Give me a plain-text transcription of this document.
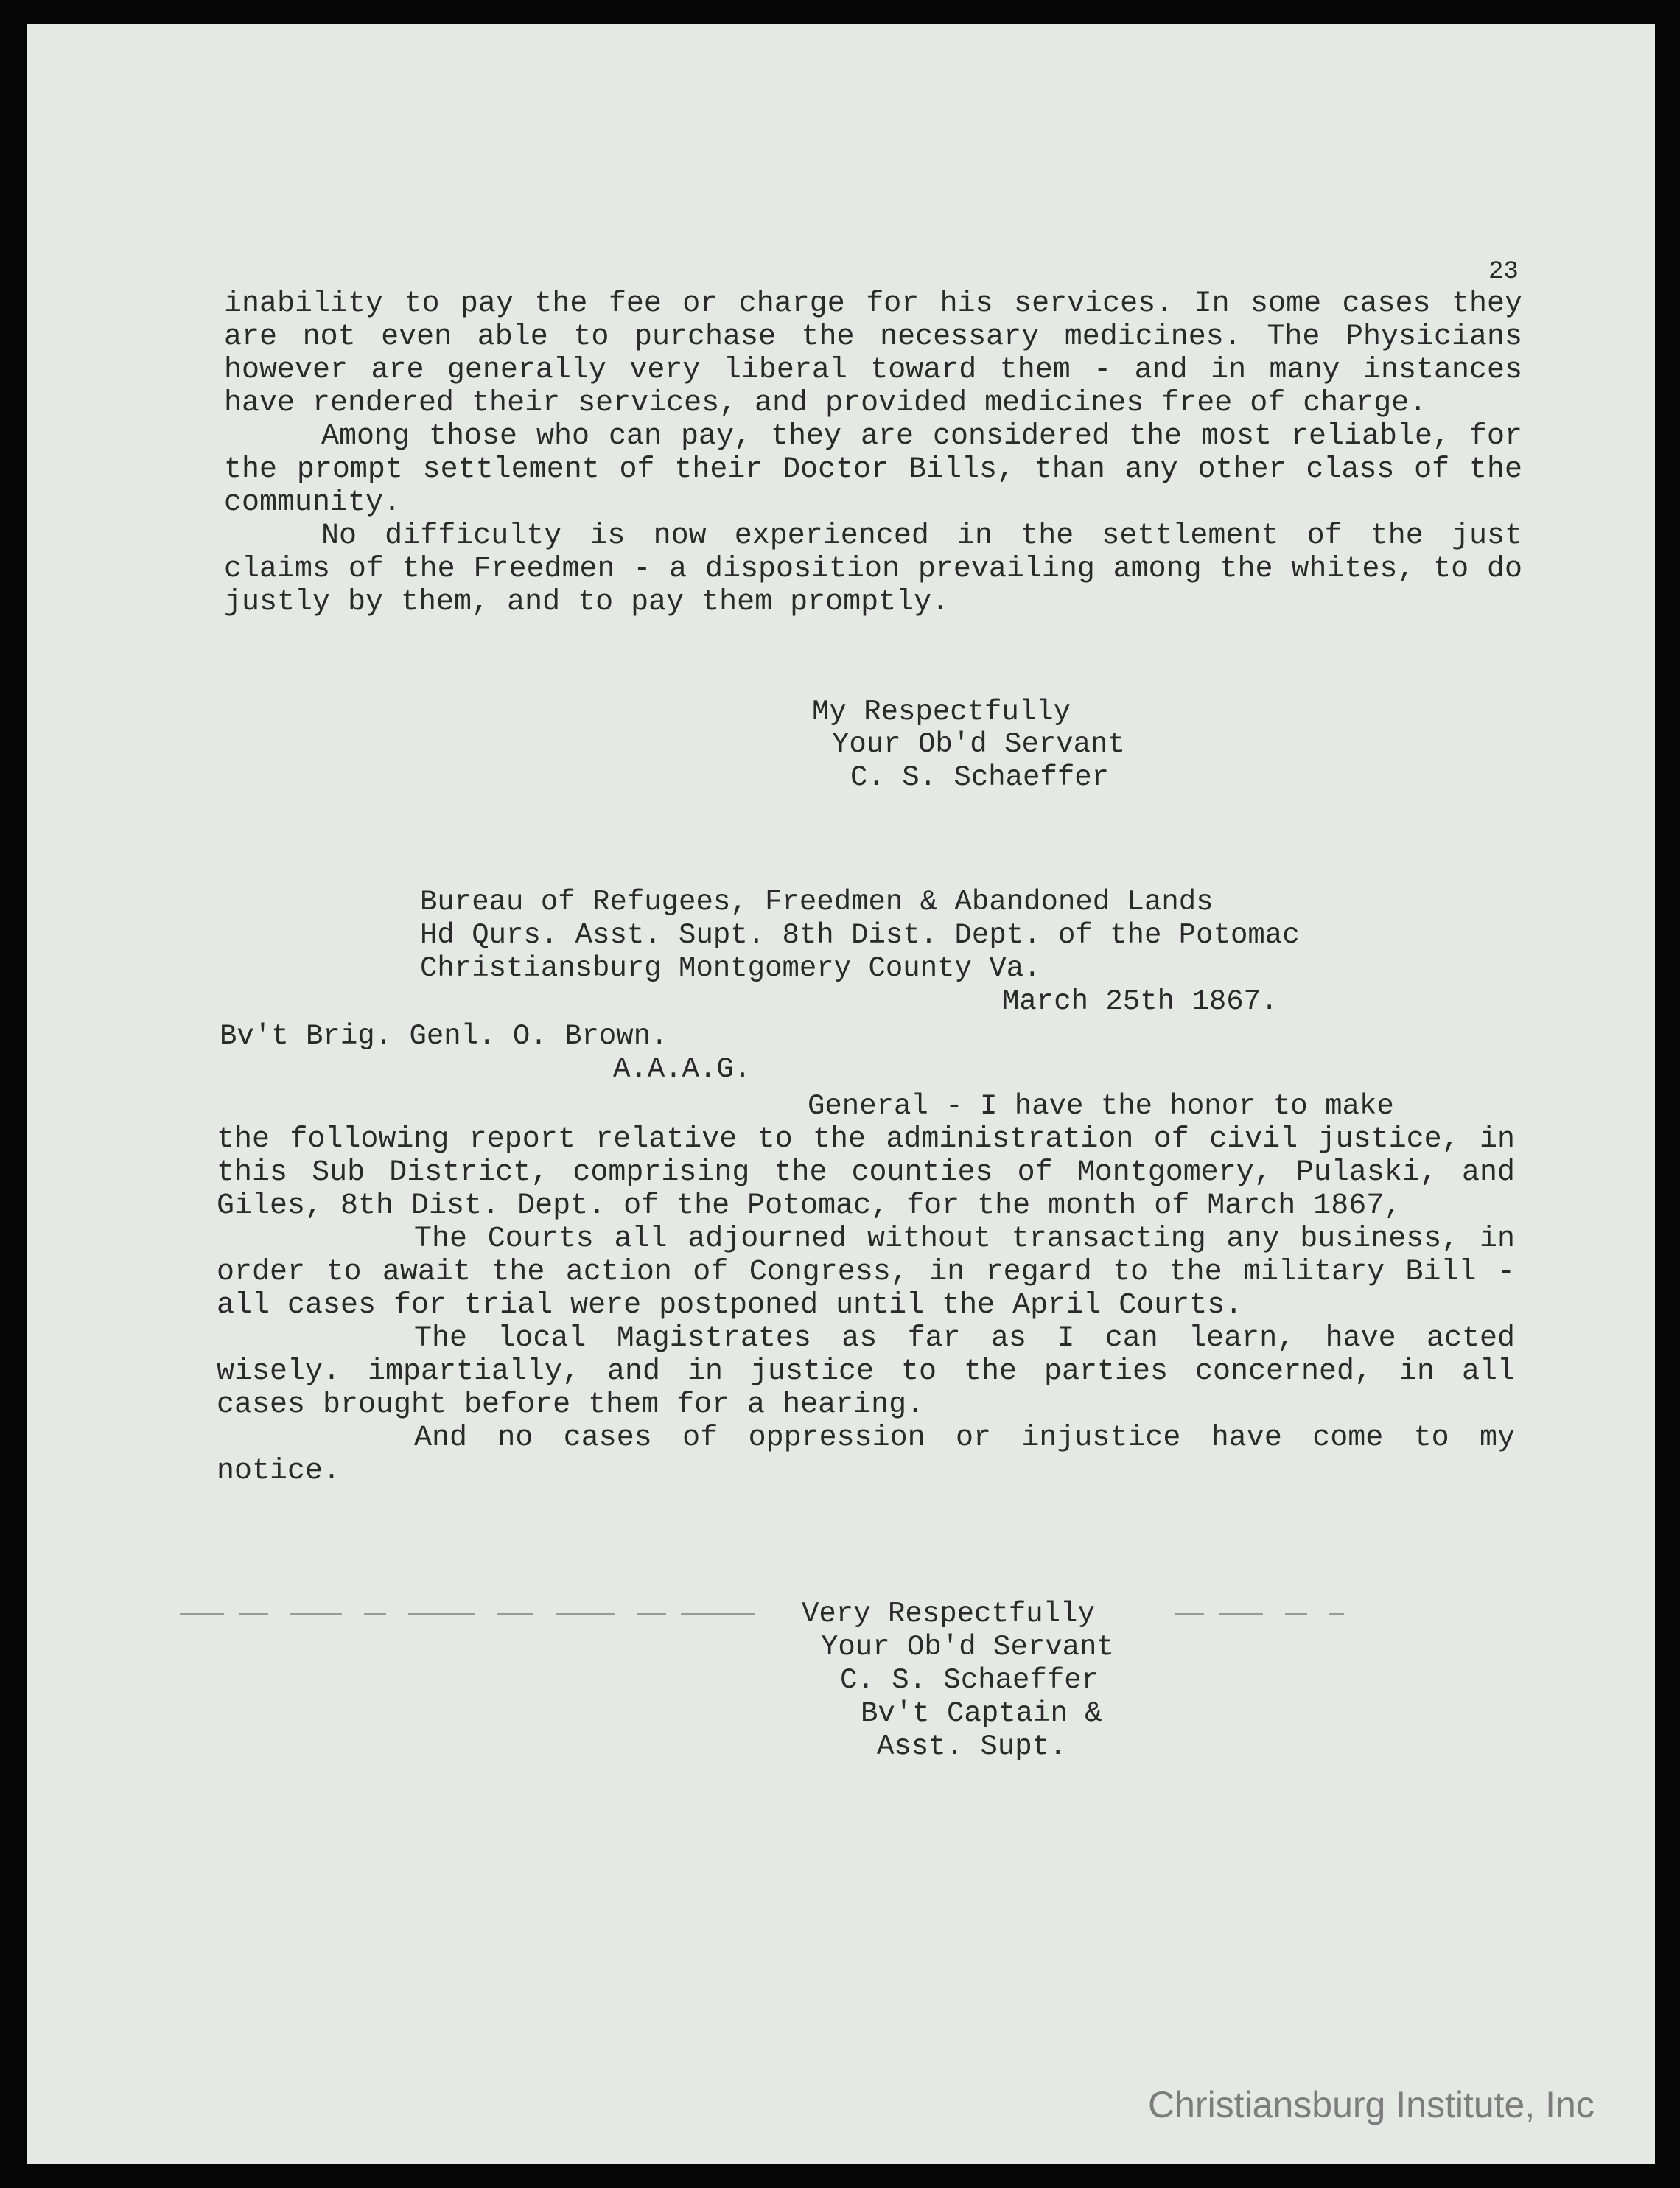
23

inability to pay the fee or charge for his services. In some cases they are not even able to purchase the necessary medicines. The Physicians however are generally very liberal toward them - and in many instances have rendered their services, and provided medicines free of charge.

Among those who can pay, they are considered the most reliable, for the prompt settlement of their Doctor Bills, than any other class of the community.

No difficulty is now experienced in the settlement of the just claims of the Freedmen - a disposition prevailing among the whites, to do justly by them, and to pay them promptly.

My Respectfully

Your Ob'd Servant

C. S. Schaeffer

Bureau of Refugees, Freedmen & Abandoned Lands

Hd Qurs. Asst. Supt. 8th Dist. Dept. of the Potomac

Christiansburg Montgomery County Va.

March 25th 1867.

Bv't Brig. Genl. O. Brown.

A.A.A.G.

General - I have the honor to make

the following report relative to the administration of civil justice, in this Sub District, comprising the counties of Montgomery, Pulaski, and Giles, 8th Dist. Dept. of the Potomac, for the month of March 1867,

The Courts all adjourned without transacting any business, in order to await the action of Congress, in regard to the military Bill - all cases for trial were postponed until the April Courts.

The local Magistrates as far as I can learn, have acted wisely. impartially, and in justice to the parties concerned, in all cases brought before them for a hearing.

And no cases of oppression or injustice have come to my notice.

Very Respectfully

Your Ob'd Servant

C. S. Schaeffer

Bv't Captain &

Asst. Supt.

Christiansburg Institute, Inc
